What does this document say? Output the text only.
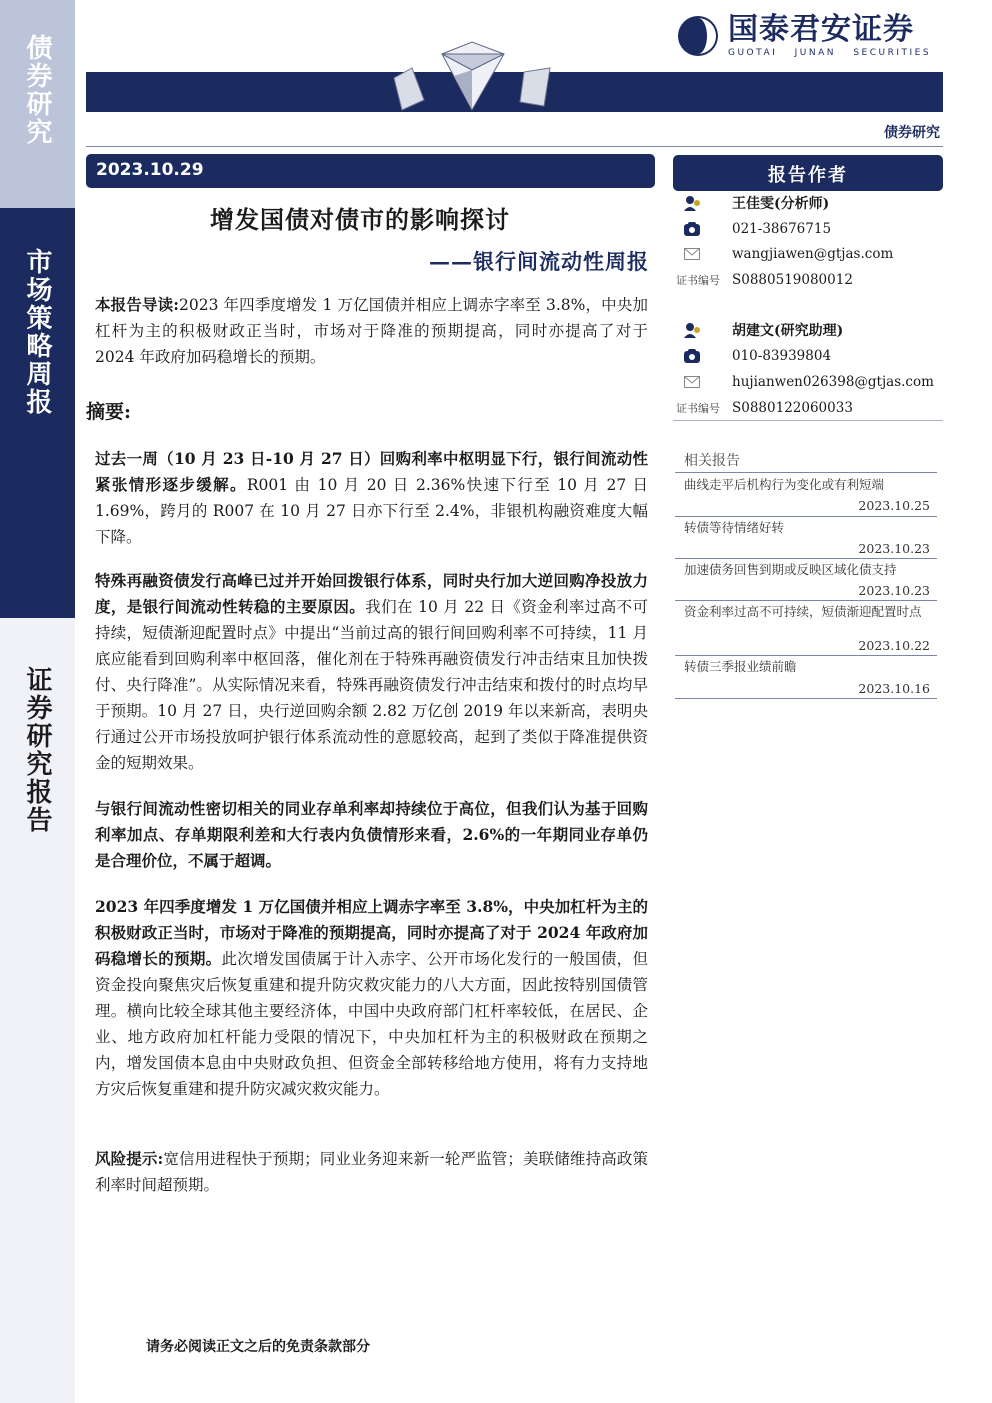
债券研究
市场策略周报
证券研究报告
国泰君安证券
GUOTAI JUNAN SECURITIES
债券研究
2023.10.29
增发国债对债市的影响探讨
——银行间流动性周报
本报告导读:2023 年四季度增发 1 万亿国债并相应上调赤字率至 3.8%，中央加杠杆为主的积极财政正当时，市场对于降准的预期提高，同时亦提高了对于 2024 年政府加码稳增长的预期。
摘要:
过去一周（10 月 23 日-10 月 27 日）回购利率中枢明显下行，银行间流动性紧张情形逐步缓解。R001 由 10 月 20 日 2.36%快速下行至 10 月 27 日 1.69%，跨月的 R007 在 10 月 27 日亦下行至 2.4%，非银机构融资难度大幅下降。
特殊再融资债发行高峰已过并开始回拨银行体系，同时央行加大逆回购净投放力度，是银行间流动性转稳的主要原因。我们在 10 月 22 日《资金利率过高不可持续，短债渐迎配置时点》中提出“当前过高的银行间回购利率不可持续，11 月底应能看到回购利率中枢回落，催化剂在于特殊再融资债发行冲击结束且加快拨付、央行降准”。从实际情况来看，特殊再融资债发行冲击结束和拨付的时点均早于预期。10 月 27 日，央行逆回购余额 2.82 万亿创 2019 年以来新高，表明央行通过公开市场投放呵护银行体系流动性的意愿较高，起到了类似于降准提供资金的短期效果。
与银行间流动性密切相关的同业存单利率却持续位于高位，但我们认为基于回购利率加点、存单期限利差和大行表内负债情形来看，2.6%的一年期同业存单仍是合理价位，不属于超调。
2023 年四季度增发 1 万亿国债并相应上调赤字率至 3.8%，中央加杠杆为主的积极财政正当时，市场对于降准的预期提高，同时亦提高了对于 2024 年政府加码稳增长的预期。此次增发国债属于计入赤字、公开市场化发行的一般国债，但资金投向聚焦灾后恢复重建和提升防灾救灾能力的八大方面，因此按特别国债管理。横向比较全球其他主要经济体，中国中央政府部门杠杆率较低，在居民、企业、地方政府加杠杆能力受限的情况下，中央加杠杆为主的积极财政在预期之内，增发国债本息由中央财政负担、但资金全部转移给地方使用，将有力支持地方灾后恢复重建和提升防灾减灾救灾能力。
风险提示:宽信用进程快于预期；同业业务迎来新一轮严监管；美联储维持高政策利率时间超预期。
报告作者
王佳雯(分析师)
021-38676715
wangjiawen@gtjas.com
证书编号 S0880519080012
胡建文(研究助理)
010-83939804
hujianwen026398@gtjas.com
证书编号 S0880122060033
相关报告
曲线走平后机构行为变化或有利短端
2023.10.25
转债等待情绪好转
2023.10.23
加速债务回售到期或反映区域化债支持
2023.10.23
资金利率过高不可持续，短债渐迎配置时点
2023.10.22
转债三季报业绩前瞻
2023.10.16
请务必阅读正文之后的免责条款部分
